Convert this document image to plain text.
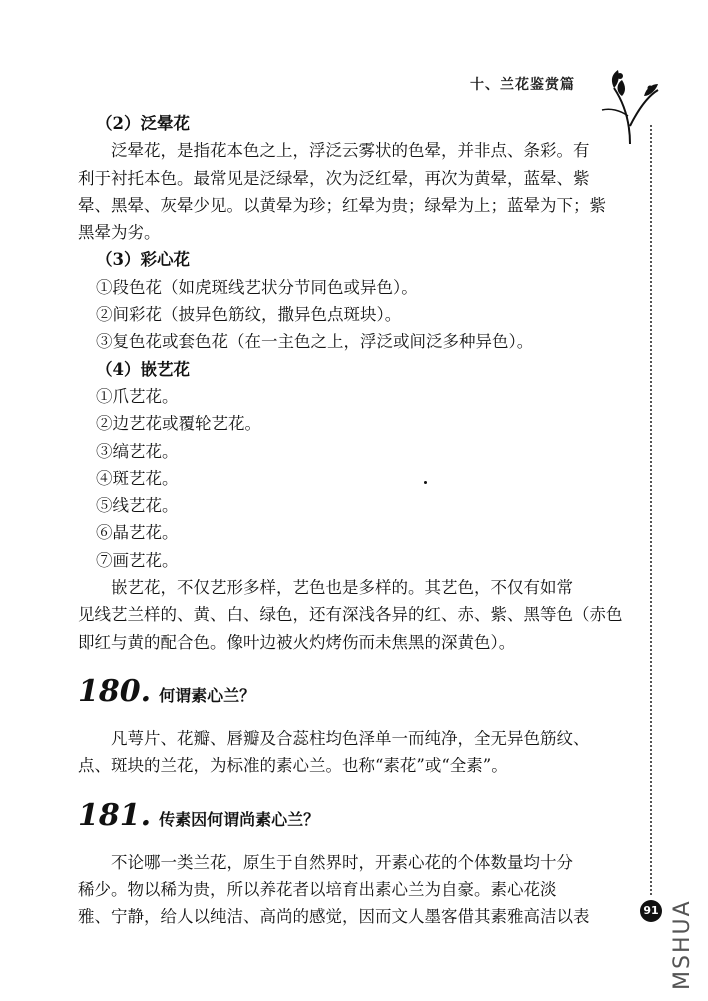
十、兰花鉴赏篇
（2）泛晕花
泛晕花，是指花本色之上，浮泛云雾状的色晕，并非点、条彩。有
利于衬托本色。最常见是泛绿晕，次为泛红晕，再次为黄晕，蓝晕、紫
晕、黑晕、灰晕少见。以黄晕为珍；红晕为贵；绿晕为上；蓝晕为下；紫
黑晕为劣。
（3）彩心花
①段色花（如虎斑线艺状分节同色或异色）。
②间彩花（披异色筋纹，撒异色点斑块）。
③复色花或套色花（在一主色之上，浮泛或间泛多种异色）。
（4）嵌艺花
①爪艺花。
②边艺花或覆轮艺花。
③缟艺花。
④斑艺花。
⑤线艺花。
⑥晶艺花。
⑦画艺花。
嵌艺花，不仅艺形多样，艺色也是多样的。其艺色，不仅有如常
见线艺兰样的、黄、白、绿色，还有深浅各异的红、赤、紫、黑等色（赤色
即红与黄的配合色。像叶边被火灼烤伤而未焦黑的深黄色）。
180. 何谓素心兰？
凡萼片、花瓣、唇瓣及合蕊柱均色泽单一而纯净，全无异色筋纹、
点、斑块的兰花，为标准的素心兰。也称“素花”或“全素”。
181. 传素因何谓尚素心兰？
不论哪一类兰花，原生于自然界时，开素心花的个体数量均十分
稀少。物以稀为贵，所以养花者以培育出素心兰为自豪。素心花淡
雅、宁静，给人以纯洁、高尚的感觉，因而文人墨客借其素雅高洁以表	91 MSHUA
